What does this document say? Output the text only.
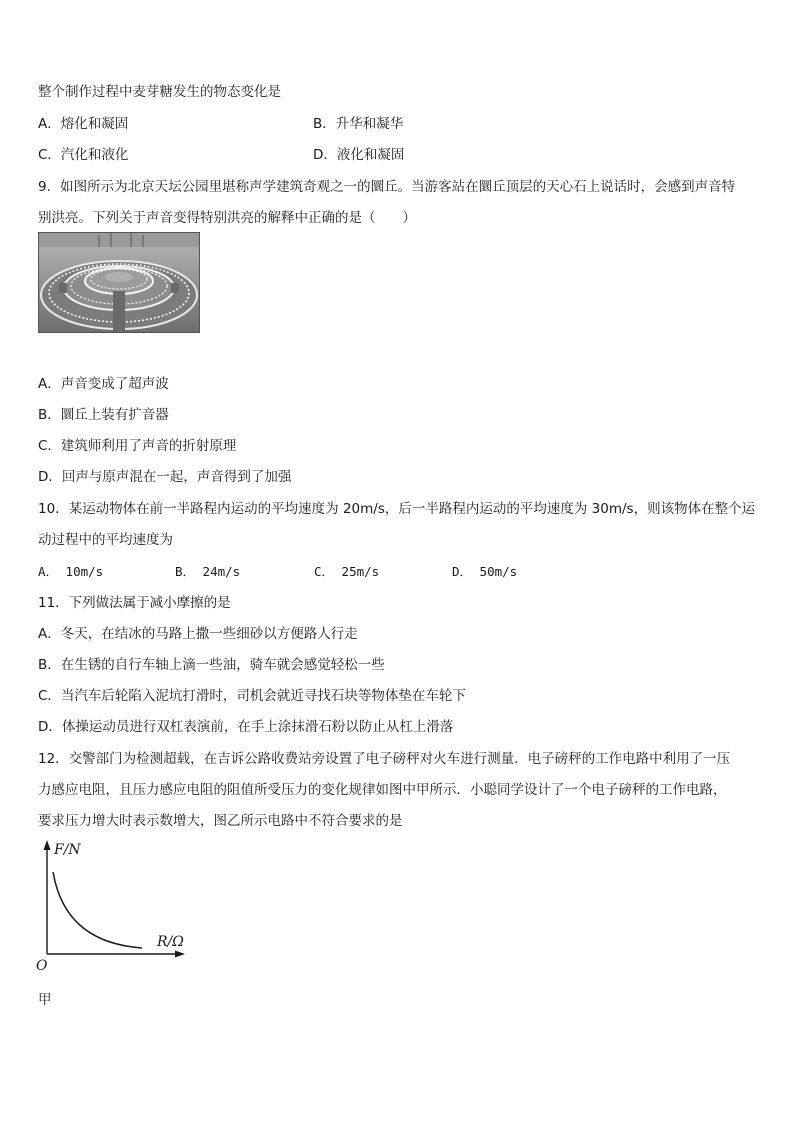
整个制作过程中麦芽糖发生的物态变化是
A．熔化和凝固	B．升华和凝华
C．汽化和液化	D．液化和凝固
9．如图所示为北京天坛公园里堪称声学建筑奇观之一的圜丘。当游客站在圜丘顶层的天心石上说话时，会感到声音特
别洪亮。下列关于声音变得特别洪亮的解释中正确的是（　　）
A．声音变成了超声波
B．圜丘上装有扩音器
C．建筑师利用了声音的折射原理
D．回声与原声混在一起，声音得到了加强
10．某运动物体在前一半路程内运动的平均速度为 20m/s，后一半路程内运动的平均速度为 30m/s，则该物体在整个运
动过程中的平均速度为
A． 10m/s	B． 24m/s	C． 25m/s	D． 50m/s
11．下列做法属于减小摩擦的是
A．冬天，在结冰的马路上撒一些细砂以方便路人行走
B．在生锈的自行车轴上滴一些油，骑车就会感觉轻松一些
C．当汽车后轮陷入泥坑打滑时，司机会就近寻找石块等物体垫在车轮下
D．体操运动员进行双杠表演前，在手上涂抹滑石粉以防止从杠上滑落
12．交警部门为检测超载，在吉诉公路收费站旁设置了电子磅秤对火车进行测量．电子磅秤的工作电路中利用了一压
力感应电阻，且压力感应电阻的阻值所受压力的变化规律如图中甲所示．小聪同学设计了一个电子磅秤的工作电路，
要求压力增大时表示数增大，图乙所示电路中不符合要求的是
F/N
R/Ω
O
甲
